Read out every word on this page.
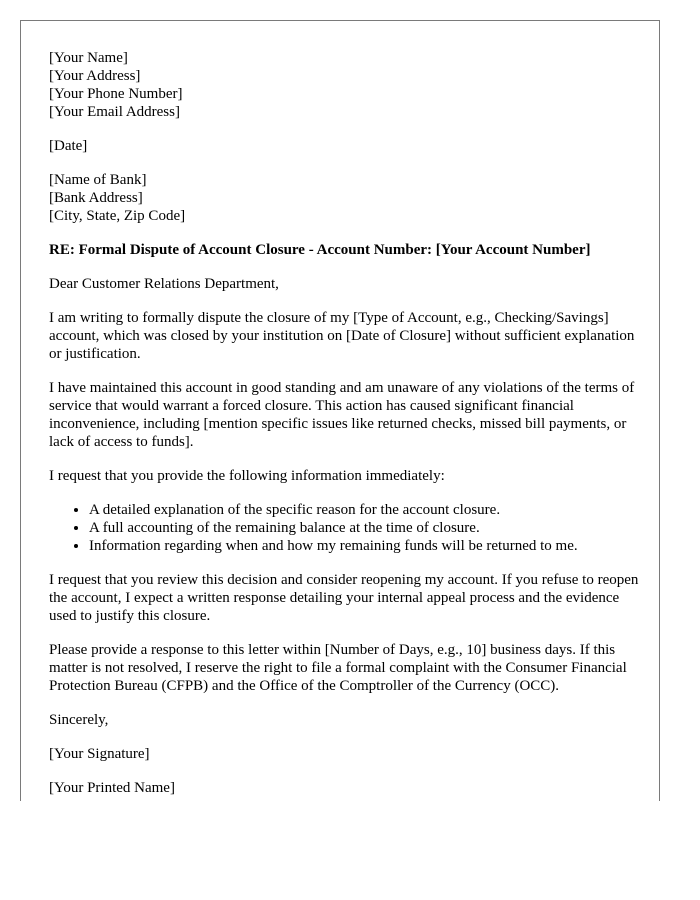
[Your Name]
[Your Address]
[Your Phone Number]
[Your Email Address]

[Date]

[Name of Bank]
[Bank Address]
[City, State, Zip Code]

RE: Formal Dispute of Account Closure - Account Number: [Your Account Number]

Dear Customer Relations Department,

I am writing to formally dispute the closure of my [Type of Account, e.g., Checking/Savings] account, which was closed by your institution on [Date of Closure] without sufficient explanation or justification.

I have maintained this account in good standing and am unaware of any violations of the terms of service that would warrant a forced closure. This action has caused significant financial inconvenience, including [mention specific issues like returned checks, missed bill payments, or lack of access to funds].

I request that you provide the following information immediately:

• A detailed explanation of the specific reason for the account closure.
• A full accounting of the remaining balance at the time of closure.
• Information regarding when and how my remaining funds will be returned to me.

I request that you review this decision and consider reopening my account. If you refuse to reopen the account, I expect a written response detailing your internal appeal process and the evidence used to justify this closure.

Please provide a response to this letter within [Number of Days, e.g., 10] business days. If this matter is not resolved, I reserve the right to file a formal complaint with the Consumer Financial Protection Bureau (CFPB) and the Office of the Comptroller of the Currency (OCC).

Sincerely,

[Your Signature]

[Your Printed Name]
